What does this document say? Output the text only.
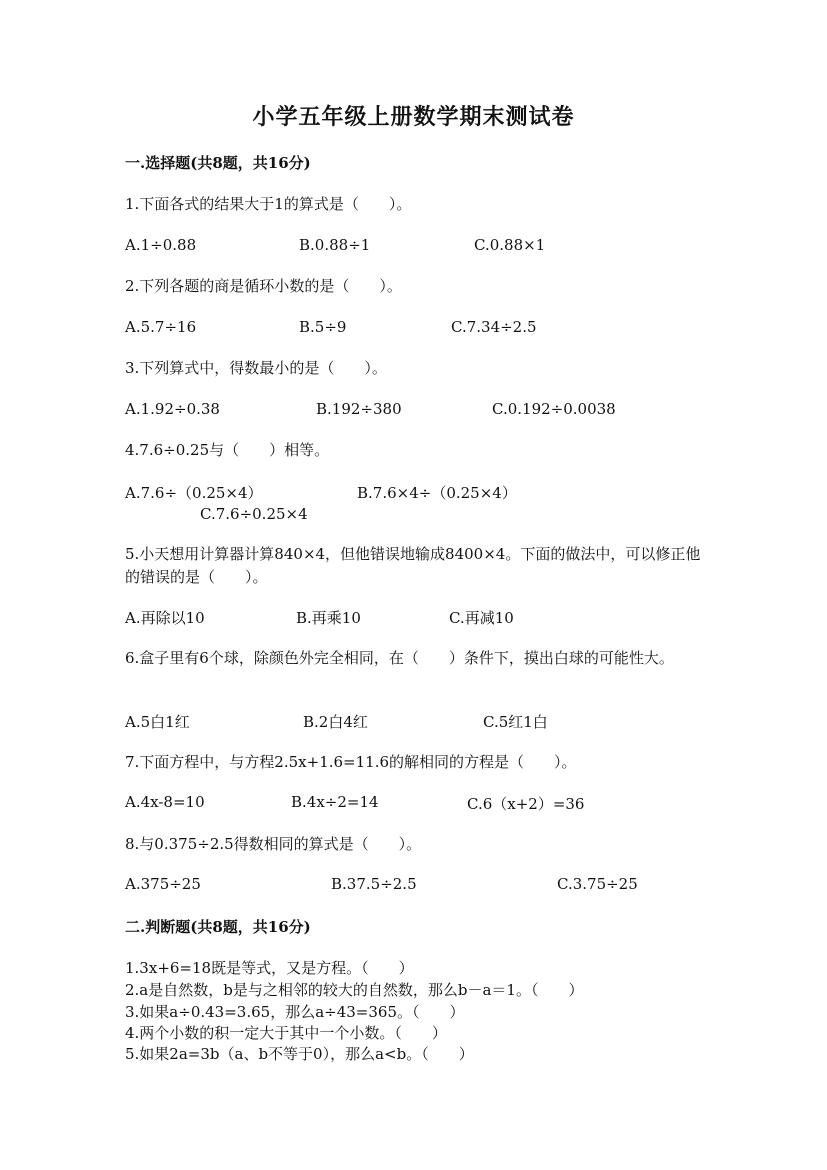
小学五年级上册数学期末测试卷
一.选择题(共8题，共16分)
1.下面各式的结果大于1的算式是（　　）。
A.1÷0.88	B.0.88÷1	C.0.88×1
2.下列各题的商是循环小数的是（　　）。
A.5.7÷16	B.5÷9	C.7.34÷2.5
3.下列算式中，得数最小的是（　　）。
A.1.92÷0.38	B.192÷380	C.0.192÷0.0038
4.7.6÷0.25与（　　）相等。
A.7.6÷（0.25×4）	B.7.6×4÷（0.25×4）
C.7.6÷0.25×4
5.小天想用计算器计算840×4，但他错误地输成8400×4。下面的做法中，可以修正他的错误的是（　　）。
A.再除以10	B.再乘10	C.再减10
6.盒子里有6个球，除颜色外完全相同，在（　　）条件下，摸出白球的可能性大。
A.5白1红	B.2白4红	C.5红1白
7.下面方程中，与方程2.5x+1.6=11.6的解相同的方程是（　　）。
A.4x-8=10	B.4x÷2=14	C.6（x+2）=36
8.与0.375÷2.5得数相同的算式是（　　）。
A.375÷25	B.37.5÷2.5	C.3.75÷25
二.判断题(共8题，共16分)
1.3x+6=18既是等式，又是方程。（　　）
2.a是自然数，b是与之相邻的较大的自然数，那么b－a＝1。（　　）
3.如果a÷0.43=3.65，那么a÷43=365。（　　）
4.两个小数的积一定大于其中一个小数。（　　）
5.如果2a=3b（a、b不等于0），那么a<b。（　　）
